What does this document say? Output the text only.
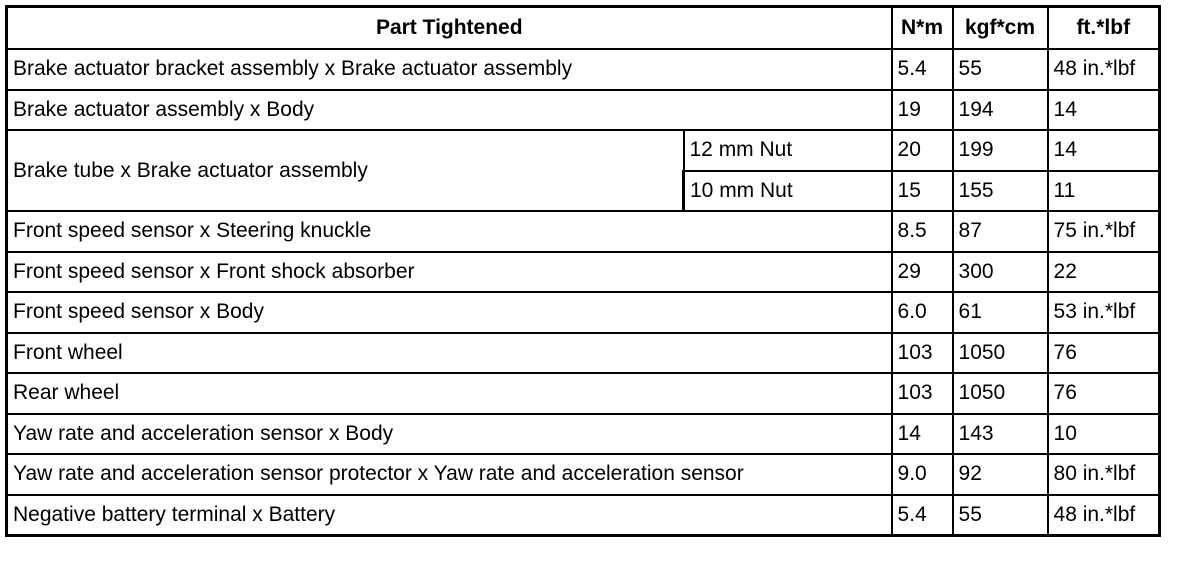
Part Tightened		N*m	kgf*cm	ft.*lbf
Brake actuator bracket assembly x Brake actuator assembly		5.4	55	48 in.*lbf
Brake actuator assembly x Body		19	194	14
Brake tube x Brake actuator assembly	12 mm Nut	20	199	14
	10 mm Nut	15	155	11
Front speed sensor x Steering knuckle		8.5	87	75 in.*lbf
Front speed sensor x Front shock absorber		29	300	22
Front speed sensor x Body		6.0	61	53 in.*lbf
Front wheel		103	1050	76
Rear wheel		103	1050	76
Yaw rate and acceleration sensor x Body		14	143	10
Yaw rate and acceleration sensor protector x Yaw rate and acceleration sensor		9.0	92	80 in.*lbf
Negative battery terminal x Battery		5.4	55	48 in.*lbf
